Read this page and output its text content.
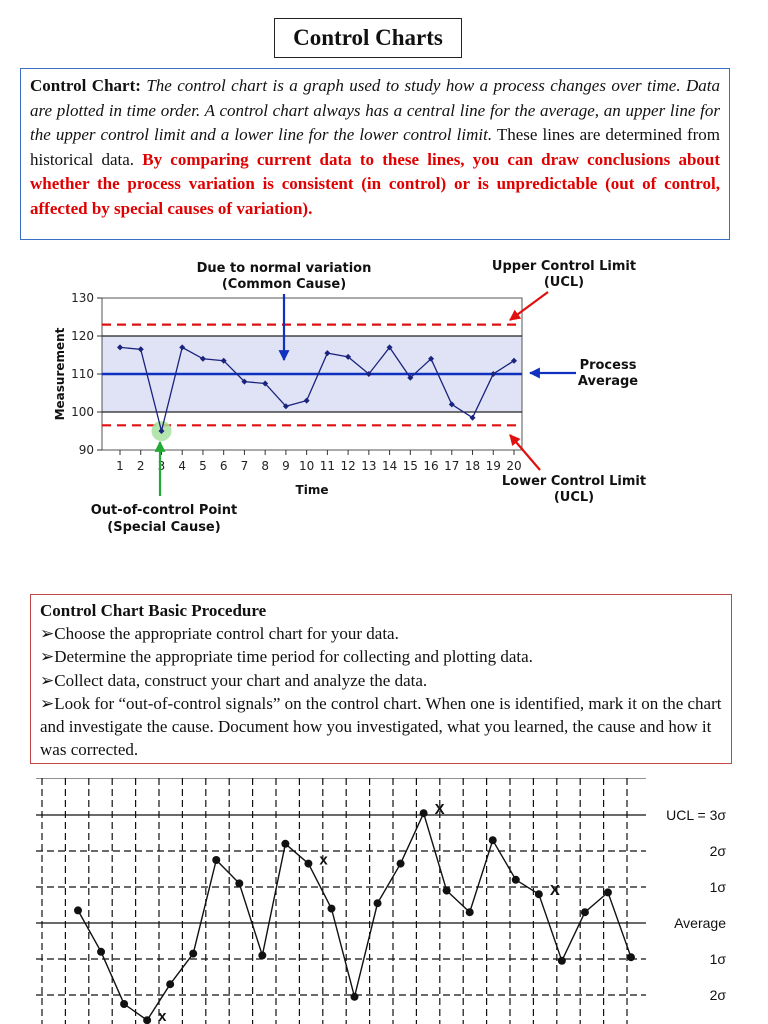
Control Charts
Control Chart: The control chart is a graph used to study how a process changes over time. Data are plotted in time order. A control chart always has a central line for the average, an upper line for the upper control limit and a lower line for the lower control limit. These lines are determined from historical data. By comparing current data to these lines, you can draw conclusions about whether the process variation is consistent (in control) or is unpredictable (out of control, affected by special causes of variation).
90
100
110
120
130
1 2 3 4 5 6 7 8 9 10 11 12 13 14 15 16 17 18 19 20
Time
Measurement
Due to normal variation
(Common Cause)
Upper Control Limit
(UCL)
Process
Average
Lower Control Limit
(UCL)
Out-of-control Point
(Special Cause)
Control Chart Basic Procedure
➢Choose the appropriate control chart for your data.
➢Determine the appropriate time period for collecting and plotting data.
➢Collect data, construct your chart and analyze the data.
➢Look for “out-of-control signals” on the control chart. When one is identified, mark it on the chart and investigate the cause. Document how you investigated, what you learned, the cause and how it was corrected.
UCL = 3σ
2σ
1σ
Average
1σ
2σ
x
x
X
X
